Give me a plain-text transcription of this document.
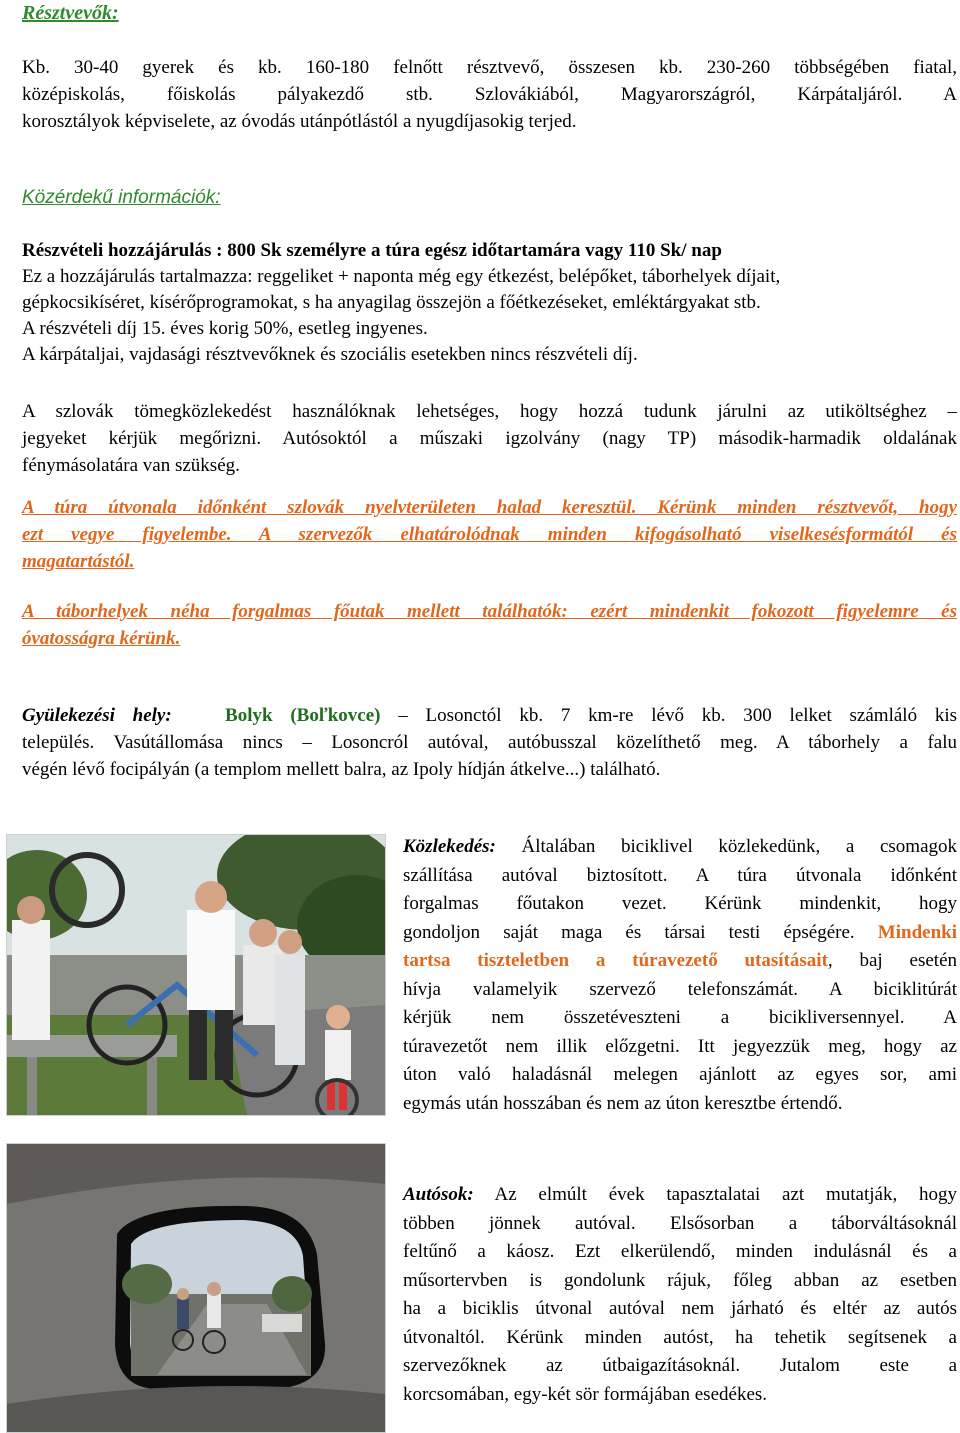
Résztvevők:
Kb. 30-40 gyerek és kb. 160-180 felnőtt résztvevő, összesen kb. 230-260 többségében fiatal,
középiskolás, főiskolás pályakezdő stb. Szlovákiából, Magyarországról, Kárpátaljáról. A
korosztályok képviselete, az óvodás utánpótlástól a nyugdíjasokig terjed.
Közérdekű információk:
Részvételi hozzájárulás : 800 Sk személyre a túra egész időtartamára vagy 110 Sk/ nap
Ez a hozzájárulás tartalmazza: reggeliket + naponta még egy étkezést, belépőket, táborhelyek díjait,
gépkocsikíséret, kísérőprogramokat, s ha anyagilag összejön a főétkezéseket, emléktárgyakat stb.
A részvételi díj 15. éves korig 50%, esetleg ingyenes.
A kárpátaljai, vajdasági résztvevőknek és szociális esetekben nincs részvételi díj.
A szlovák tömegközlekedést használóknak lehetséges, hogy hozzá tudunk járulni az utiköltséghez –
jegyeket kérjük megőrizni. Autósoktól a műszaki igzolvány (nagy TP) második-harmadik oldalának
fénymásolatára van szükség.
A túra útvonala időnként szlovák nyelvterületen halad keresztül. Kérünk minden résztvevőt, hogy
ezt vegye figyelembe. A szervezők elhatárolódnak minden kifogásolható viselkesésformától és
magatartástól.
A táborhelyek néha forgalmas főutak mellett találhatók: ezért mindenkit fokozott figyelemre és
óvatosságra kérünk.
Gyülekezési hely:	Bolyk (Boľkovce) – Losonctól kb. 7 km-re lévő kb. 300 lelket számláló kis
település. Vasútállomása nincs – Losoncról autóval, autóbusszal közelíthető meg. A táborhely a falu
végén lévő focipályán (a templom mellett balra, az Ipoly hídján átkelve...) található.
Közlekedés: Általában biciklivel közlekedünk, a csomagok
szállítása autóval biztosított. A túra útvonala időnként
forgalmas főutakon vezet. Kérünk mindenkit, hogy
gondoljon saját maga és társai testi épségére. Mindenki
tartsa tiszteletben a túravezető utasításait, baj esetén
hívja valamelyik szervező telefonszámát. A biciklitúrát
kérjük nem összetéveszteni a bicikliversennyel. A
túravezetőt nem illik előzgetni. Itt jegyezzük meg, hogy az
úton való haladásnál melegen ajánlott az egyes sor, ami
egymás után hosszában és nem az úton keresztbe értendő.
Autósok: Az elmúlt évek tapasztalatai azt mutatják, hogy
többen jönnek autóval. Elsősorban a táborváltásoknál
feltűnő a káosz. Ezt elkerülendő, minden indulásnál és a
műsortervben is gondolunk rájuk, főleg abban az esetben
ha a biciklis útvonal autóval nem járható és eltér az autós
útvonaltól. Kérünk minden autóst, ha tehetik segítsenek a
szervezőknek az útbaigazításoknál. Jutalom este a
korcsomában, egy-két sör formájában esedékes.
